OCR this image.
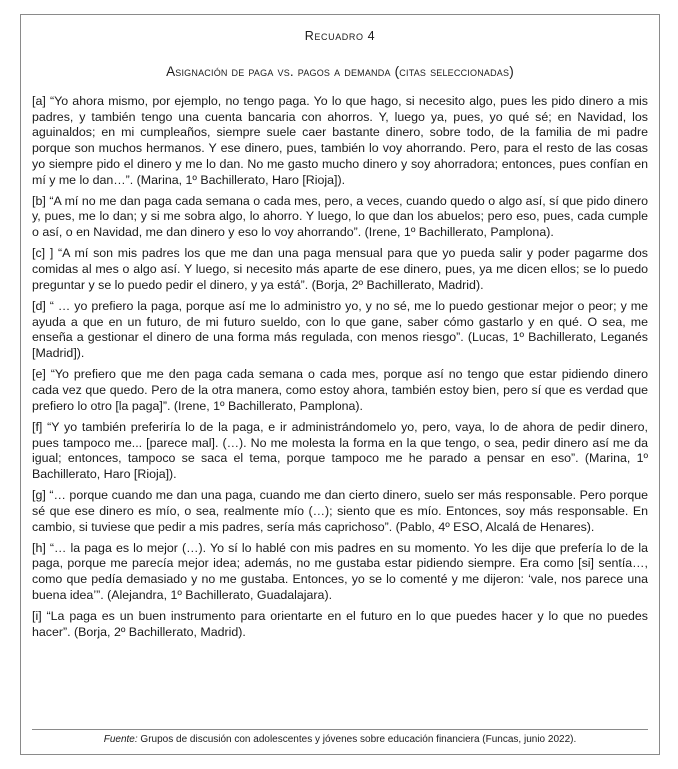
Recuadro 4
Asignación de paga vs. pagos a demanda (citas seleccionadas)

[a] “Yo ahora mismo, por ejemplo, no tengo paga. Yo lo que hago, si necesito algo, pues les pido dinero a mis padres, y también tengo una cuenta bancaria con ahorros. Y, luego ya, pues, yo qué sé; en Navidad, los aguinaldos; en mi cumpleaños, siempre suele caer bastante dinero, sobre todo, de la familia de mi padre porque son muchos hermanos. Y ese dinero, pues, también lo voy ahorrando. Pero, para el resto de las cosas yo siempre pido el dinero y me lo dan. No me gasto mucho dinero y soy ahorradora; entonces, pues confían en mí y me lo dan…”. (Marina, 1º Bachillerato, Haro [Rioja]).

[b] “A mí no me dan paga cada semana o cada mes, pero, a veces, cuando quedo o algo así, sí que pido dinero y, pues, me lo dan; y si me sobra algo, lo ahorro. Y luego, lo que dan los abuelos; pero eso, pues, cada cumple o así, o en Navidad, me dan dinero y eso lo voy ahorrando”. (Irene, 1º Bachillerato, Pamplona).

[c] ] “A mí son mis padres los que me dan una paga mensual para que yo pueda salir y poder pagarme dos comidas al mes o algo así. Y luego, si necesito más aparte de ese dinero, pues, ya me dicen ellos; se lo puedo preguntar y se lo puedo pedir el dinero, y ya está”. (Borja, 2º Bachillerato, Madrid).

[d] “ … yo prefiero la paga, porque así me lo administro yo, y no sé, me lo puedo gestionar mejor o peor; y me ayuda a que en un futuro, de mi futuro sueldo, con lo que gane, saber cómo gastarlo y en qué. O sea, me enseña a gestionar el dinero de una forma más regulada, con menos riesgo”. (Lucas, 1º Bachillerato, Leganés [Madrid]).

[e] “Yo prefiero que me den paga cada semana o cada mes, porque así no tengo que estar pidiendo dinero cada vez que quedo. Pero de la otra manera, como estoy ahora, también estoy bien, pero sí que es verdad que prefiero lo otro [la paga]”. (Irene, 1º Bachillerato, Pamplona).

[f] “Y yo también preferiría lo de la paga, e ir administrándomelo yo, pero, vaya, lo de ahora de pedir dinero, pues tampoco me... [parece mal]. (…). No me molesta la forma en la que tengo, o sea, pedir dinero así me da igual; entonces, tampoco se saca el tema, porque tampoco me he parado a pensar en eso”. (Marina, 1º Bachillerato, Haro [Rioja]).

[g] “… porque cuando me dan una paga, cuando me dan cierto dinero, suelo ser más responsable. Pero porque sé que ese dinero es mío, o sea, realmente mío (…); siento que es mío. Entonces, soy más responsable. En cambio, si tuviese que pedir a mis padres, sería más caprichoso”. (Pablo, 4º ESO, Alcalá de Henares).

[h] “… la paga es lo mejor (…). Yo sí lo hablé con mis padres en su momento. Yo les dije que prefería lo de la paga, porque me parecía mejor idea; además, no me gustaba estar pidiendo siempre. Era como [si] sentía…, como que pedía demasiado y no me gustaba. Entonces, yo se lo comenté y me dijeron: ‘vale, nos parece una buena idea’”. (Alejandra, 1º Bachillerato, Guadalajara).

[i] “La paga es un buen instrumento para orientarte en el futuro en lo que puedes hacer y lo que no puedes hacer”. (Borja, 2º Bachillerato, Madrid).

Fuente: Grupos de discusión con adolescentes y jóvenes sobre educación financiera (Funcas, junio 2022).
